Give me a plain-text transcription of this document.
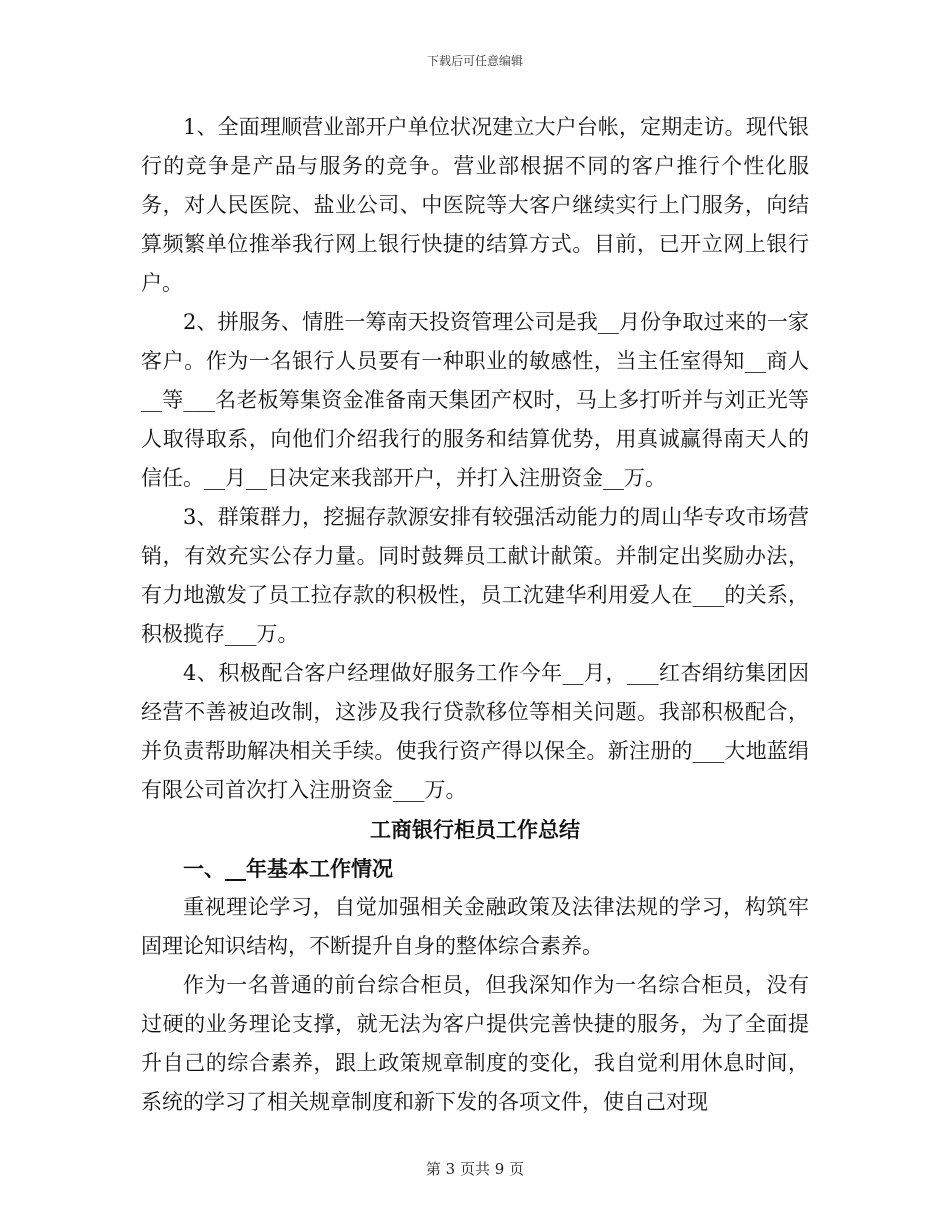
下载后可任意编辑

1、全面理顺营业部开户单位状况建立大户台帐，定期走访。现代银行的竞争是产品与服务的竞争。营业部根据不同的客户推行个性化服务，对人民医院、盐业公司、中医院等大客户继续实行上门服务，向结算频繁单位推举我行网上银行快捷的结算方式。目前，已开立网上银行户。

2、拼服务、情胜一筹南天投资管理公司是我__月份争取过来的一家客户。作为一名银行人员要有一种职业的敏感性，当主任室得知__商人__等___名老板筹集资金准备南天集团产权时，马上多打听并与刘正光等人取得取系，向他们介绍我行的服务和结算优势，用真诚赢得南天人的信任。__月__日决定来我部开户，并打入注册资金__万。

3、群策群力，挖掘存款源安排有较强活动能力的周山华专攻市场营销，有效充实公存力量。同时鼓舞员工献计献策。并制定出奖励办法，有力地激发了员工拉存款的积极性，员工沈建华利用爱人在___的关系，积极揽存___万。

4、积极配合客户经理做好服务工作今年__月，___红杏绢纺集团因经营不善被迫改制，这涉及我行贷款移位等相关问题。我部积极配合，并负责帮助解决相关手续。使我行资产得以保全。新注册的___大地蓝绢有限公司首次打入注册资金___万。

工商银行柜员工作总结
一、__年基本工作情况

重视理论学习，自觉加强相关金融政策及法律法规的学习，构筑牢固理论知识结构，不断提升自身的整体综合素养。

作为一名普通的前台综合柜员，但我深知作为一名综合柜员，没有过硬的业务理论支撑，就无法为客户提供完善快捷的服务，为了全面提升自己的综合素养，跟上政策规章制度的变化，我自觉利用休息时间，系统的学习了相关规章制度和新下发的各项文件，使自己对现

第 3 页共 9 页
